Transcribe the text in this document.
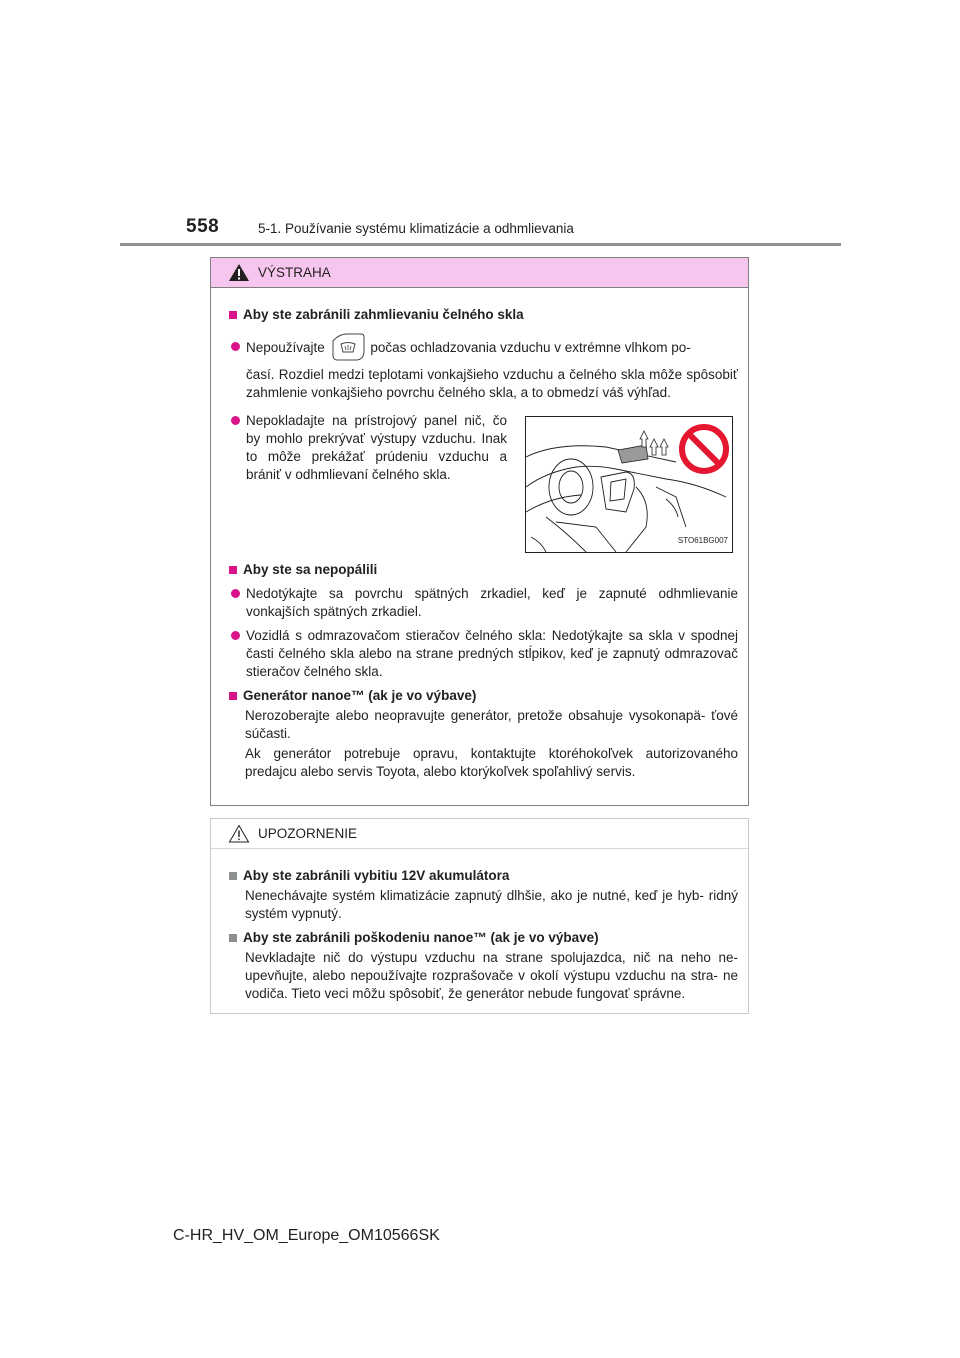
558	5-1. Používanie systému klimatizácie a odhmlievania
VÝSTRAHA
Aby ste zabránili zahmlievaniu čelného skla
Nepoužívajte	počas ochladzovania vzduchu v extrémne vlhkom po-
časí. Rozdiel medzi teplotami vonkajšieho vzduchu a čelného skla môže spôsobiť zahmlenie vonkajšieho povrchu čelného skla, a to obmedzí váš výhľad.
Nepokladajte na prístrojový panel nič, čo by mohlo prekrývať výstupy vzduchu. Inak to môže prekážať prúdeniu vzduchu a brániť v odhmlievaní čelného skla.
STO61BG007
Aby ste sa nepopálili
Nedotýkajte sa povrchu spätných zrkadiel, keď je zapnuté odhmlievanie vonkajších spätných zrkadiel.
Vozidlá s odmrazovačom stieračov čelného skla: Nedotýkajte sa skla v spodnej časti čelného skla alebo na strane predných stĺpikov, keď je zapnutý odmrazovač stieračov čelného skla.
Generátor nanoe™ (ak je vo výbave)
Nerozoberajte alebo neopravujte generátor, pretože obsahuje vysokonapä- ťové súčasti.
Ak generátor potrebuje opravu, kontaktujte ktoréhokoľvek autorizovaného predajcu alebo servis Toyota, alebo ktorýkoľvek spoľahlivý servis.
UPOZORNENIE
Aby ste zabránili vybitiu 12V akumulátora
Nenechávajte systém klimatizácie zapnutý dlhšie, ako je nutné, keď je hyb- ridný systém vypnutý.
Aby ste zabránili poškodeniu nanoe™ (ak je vo výbave)
Nevkladajte nič do výstupu vzduchu na strane spolujazdca, nič na neho ne- upevňujte, alebo nepoužívajte rozprašovače v okolí výstupu vzduchu na stra- ne vodiča. Tieto veci môžu spôsobiť, že generátor nebude fungovať správne.
C-HR_HV_OM_Europe_OM10566SK
